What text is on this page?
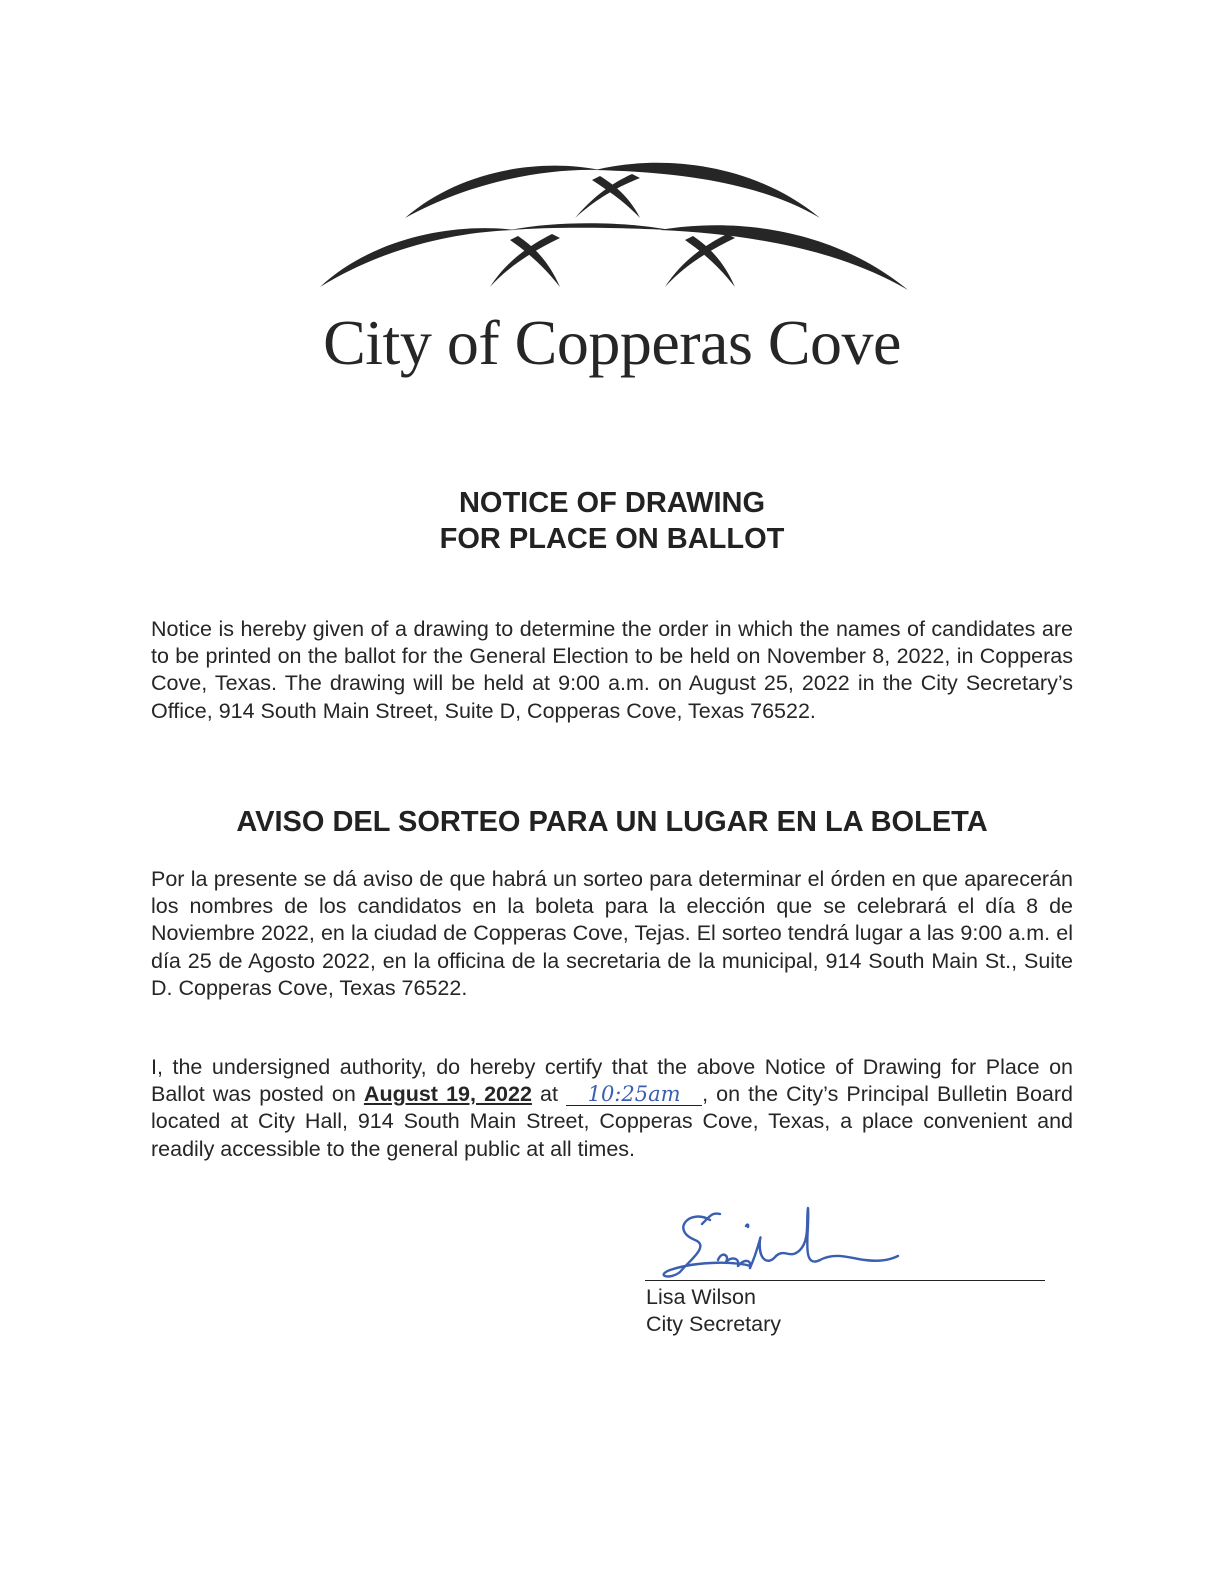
City of Copperas Cove
NOTICE OF DRAWING
FOR PLACE ON BALLOT

Notice is hereby given of a drawing to determine the order in which the names of candidates are to be printed on the ballot for the General Election to be held on November 8, 2022, in Copperas Cove, Texas. The drawing will be held at 9:00 a.m. on August 25, 2022 in the City Secretary’s Office, 914 South Main Street, Suite D, Copperas Cove, Texas 76522.

AVISO DEL SORTEO PARA UN LUGAR EN LA BOLETA

Por la presente se dá aviso de que habrá un sorteo para determinar el órden en que aparecerán los nombres de los candidatos en la boleta para la elección que se celebrará el día 8 de Noviembre 2022, en la ciudad de Copperas Cove, Tejas. El sorteo tendrá lugar a las 9:00 a.m. el día 25 de Agosto 2022, en la officina de la secretaria de la municipal, 914 South Main St., Suite D. Copperas Cove, Texas 76522.

I, the undersigned authority, do hereby certify that the above Notice of Drawing for Place on Ballot was posted on August 19, 2022 at 10:25am , on the City’s Principal Bulletin Board located at City Hall, 914 South Main Street, Copperas Cove, Texas, a place convenient and readily accessible to the general public at all times.

Lisa Wilson

City Secretary
